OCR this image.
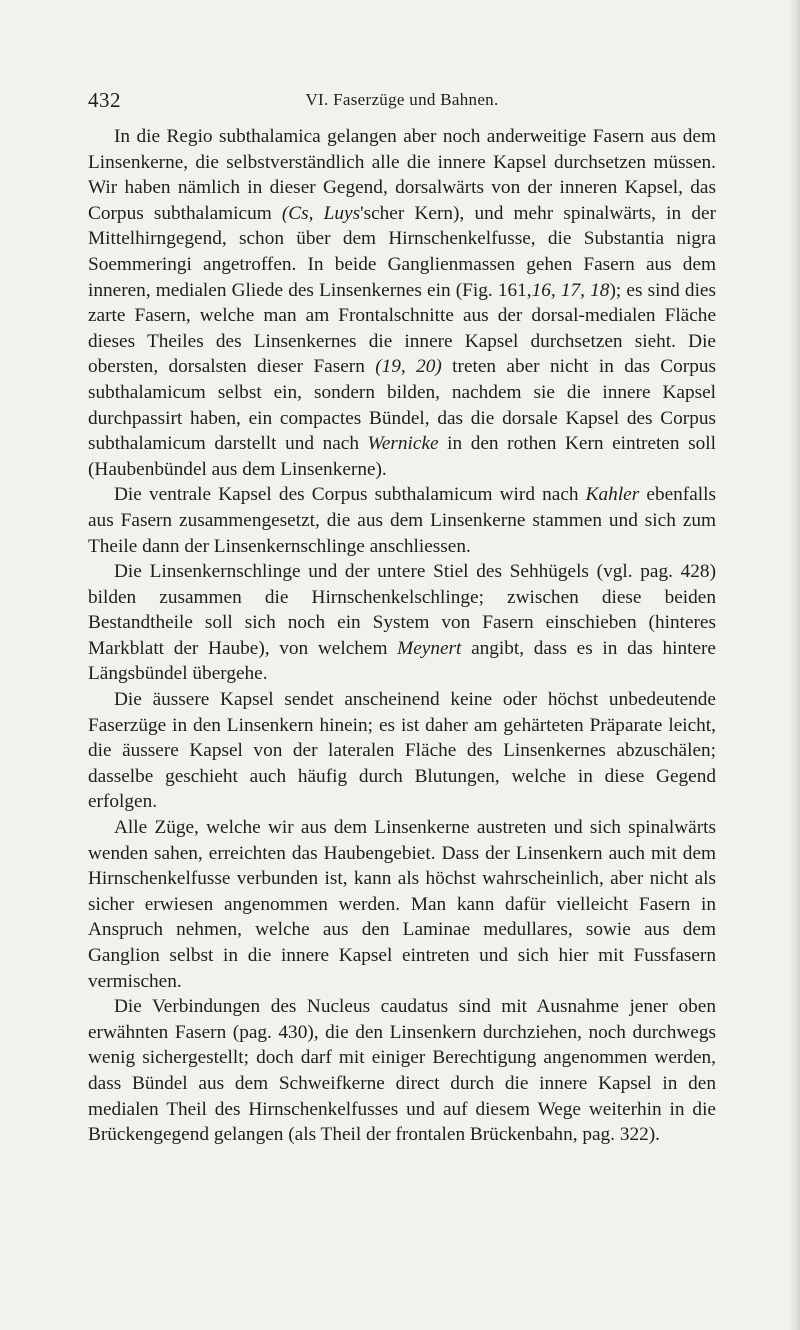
432	VI. Faserzüge und Bahnen.

In die Regio subthalamica gelangen aber noch anderweitige Fasern aus dem Linsenkerne, die selbstverständlich alle die innere Kapsel durchsetzen müssen. Wir haben nämlich in dieser Gegend, dorsalwärts von der inneren Kapsel, das Corpus subthalamicum (Cs, Luys'scher Kern), und mehr spinalwärts, in der Mittelhirngegend, schon über dem Hirnschenkelfusse, die Substantia nigra Soemmeringi angetroffen. In beide Ganglienmassen gehen Fasern aus dem inneren, medialen Gliede des Linsenkernes ein (Fig. 161,16, 17, 18); es sind dies zarte Fasern, welche man am Frontalschnitte aus der dorsal-medialen Fläche dieses Theiles des Linsenkernes die innere Kapsel durchsetzen sieht. Die obersten, dorsalsten dieser Fasern (19, 20) treten aber nicht in das Corpus subthalamicum selbst ein, sondern bilden, nachdem sie die innere Kapsel durchpassirt haben, ein compactes Bündel, das die dorsale Kapsel des Corpus subthalamicum darstellt und nach Wernicke in den rothen Kern eintreten soll (Haubenbündel aus dem Linsenkerne).

Die ventrale Kapsel des Corpus subthalamicum wird nach Kahler ebenfalls aus Fasern zusammengesetzt, die aus dem Linsenkerne stammen und sich zum Theile dann der Linsenkernschlinge anschliessen.

Die Linsenkernschlinge und der untere Stiel des Sehhügels (vgl. pag. 428) bilden zusammen die Hirnschenkelschlinge; zwischen diese beiden Bestandtheile soll sich noch ein System von Fasern einschieben (hinteres Markblatt der Haube), von welchem Meynert angibt, dass es in das hintere Längsbündel übergehe.

Die äussere Kapsel sendet anscheinend keine oder höchst unbedeutende Faserzüge in den Linsenkern hinein; es ist daher am gehärteten Präparate leicht, die äussere Kapsel von der lateralen Fläche des Linsenkernes abzuschälen; dasselbe geschieht auch häufig durch Blutungen, welche in diese Gegend erfolgen.

Alle Züge, welche wir aus dem Linsenkerne austreten und sich spinalwärts wenden sahen, erreichten das Haubengebiet. Dass der Linsenkern auch mit dem Hirnschenkelfusse verbunden ist, kann als höchst wahrscheinlich, aber nicht als sicher erwiesen angenommen werden. Man kann dafür vielleicht Fasern in Anspruch nehmen, welche aus den Laminae medullares, sowie aus dem Ganglion selbst in die innere Kapsel eintreten und sich hier mit Fussfasern vermischen.

Die Verbindungen des Nucleus caudatus sind mit Ausnahme jener oben erwähnten Fasern (pag. 430), die den Linsenkern durchziehen, noch durchwegs wenig sichergestellt; doch darf mit einiger Berechtigung angenommen werden, dass Bündel aus dem Schweifkerne direct durch die innere Kapsel in den medialen Theil des Hirnschenkelfusses und auf diesem Wege weiterhin in die Brückengegend gelangen (als Theil der frontalen Brückenbahn, pag. 322).
